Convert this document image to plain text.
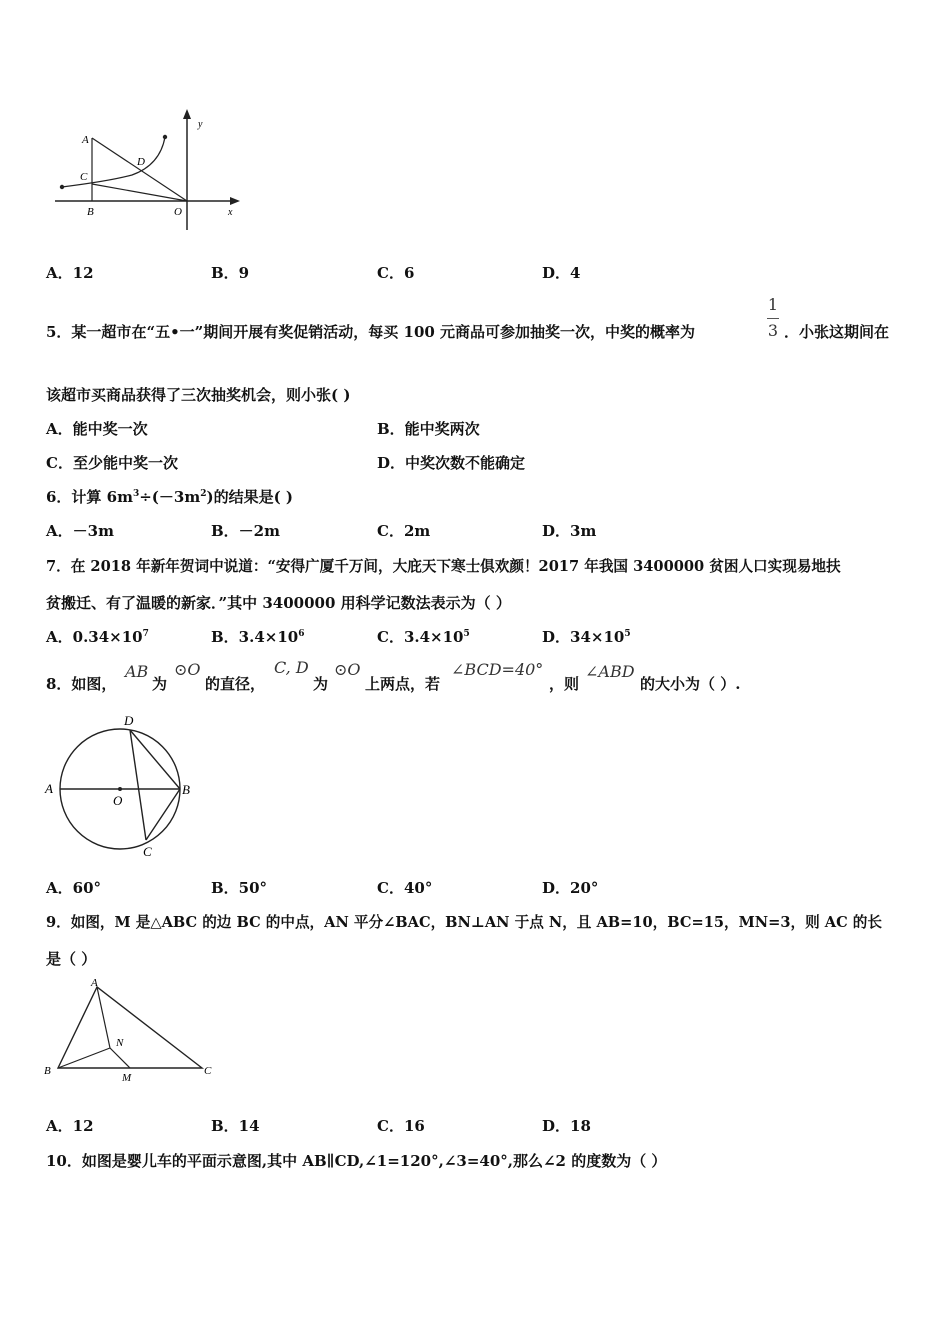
A
C
B
D
O	x
y
A．12	B．9	C．6	D．4
5．某一超市在“五•一”期间开展有奖促销活动，每买 100 元商品可参加抽奖一次，中奖的概率为
1
3 ．小张这期间在
该超市买商品获得了三次抽奖机会，则小张( )
A．能中奖一次	B．能中奖两次
C．至少能中奖一次	D．中奖次数不能确定
6．计算 $6m^3\div(-3m^2)$的结果是( )
A．－3m	B．－2m	C．2m	D．3m
7．在 2018 年新年贺词中说道：“安得广厦千万间，大庇天下寒士俱欢颜！2017 年我国 3400000 贫困人口实现易地扶
贫搬迁、有了温暖的新家．”其中 3400000 用科学记数法表示为（ ）
A．$0.34\times 10^7$	B．$3.4\times 10^6$	C．$3.4\times 10^5$	D．$34\times 10^5$
8．如图，
AB
为
⊙O
的直径，
C, D
为
⊙O
上两点，若
∠BCD=40°
，则
∠ABD
的大小为（ ）.
A	B
D
C
O
A．60°	B．50°	C．40°	D．20°
9．如图，M 是△ABC 的边 BC 的中点，AN 平分∠BAC，BN⊥AN 于点 N，且 AB=10，BC=15，MN=3，则 AC 的长
是（ ）
A
B	C
N
M
A．12	B．14	C．16	D．18
10．如图是婴儿车的平面示意图,其中 AB∥CD,∠1=120°,∠3=40°,那么∠2 的度数为（ ）
